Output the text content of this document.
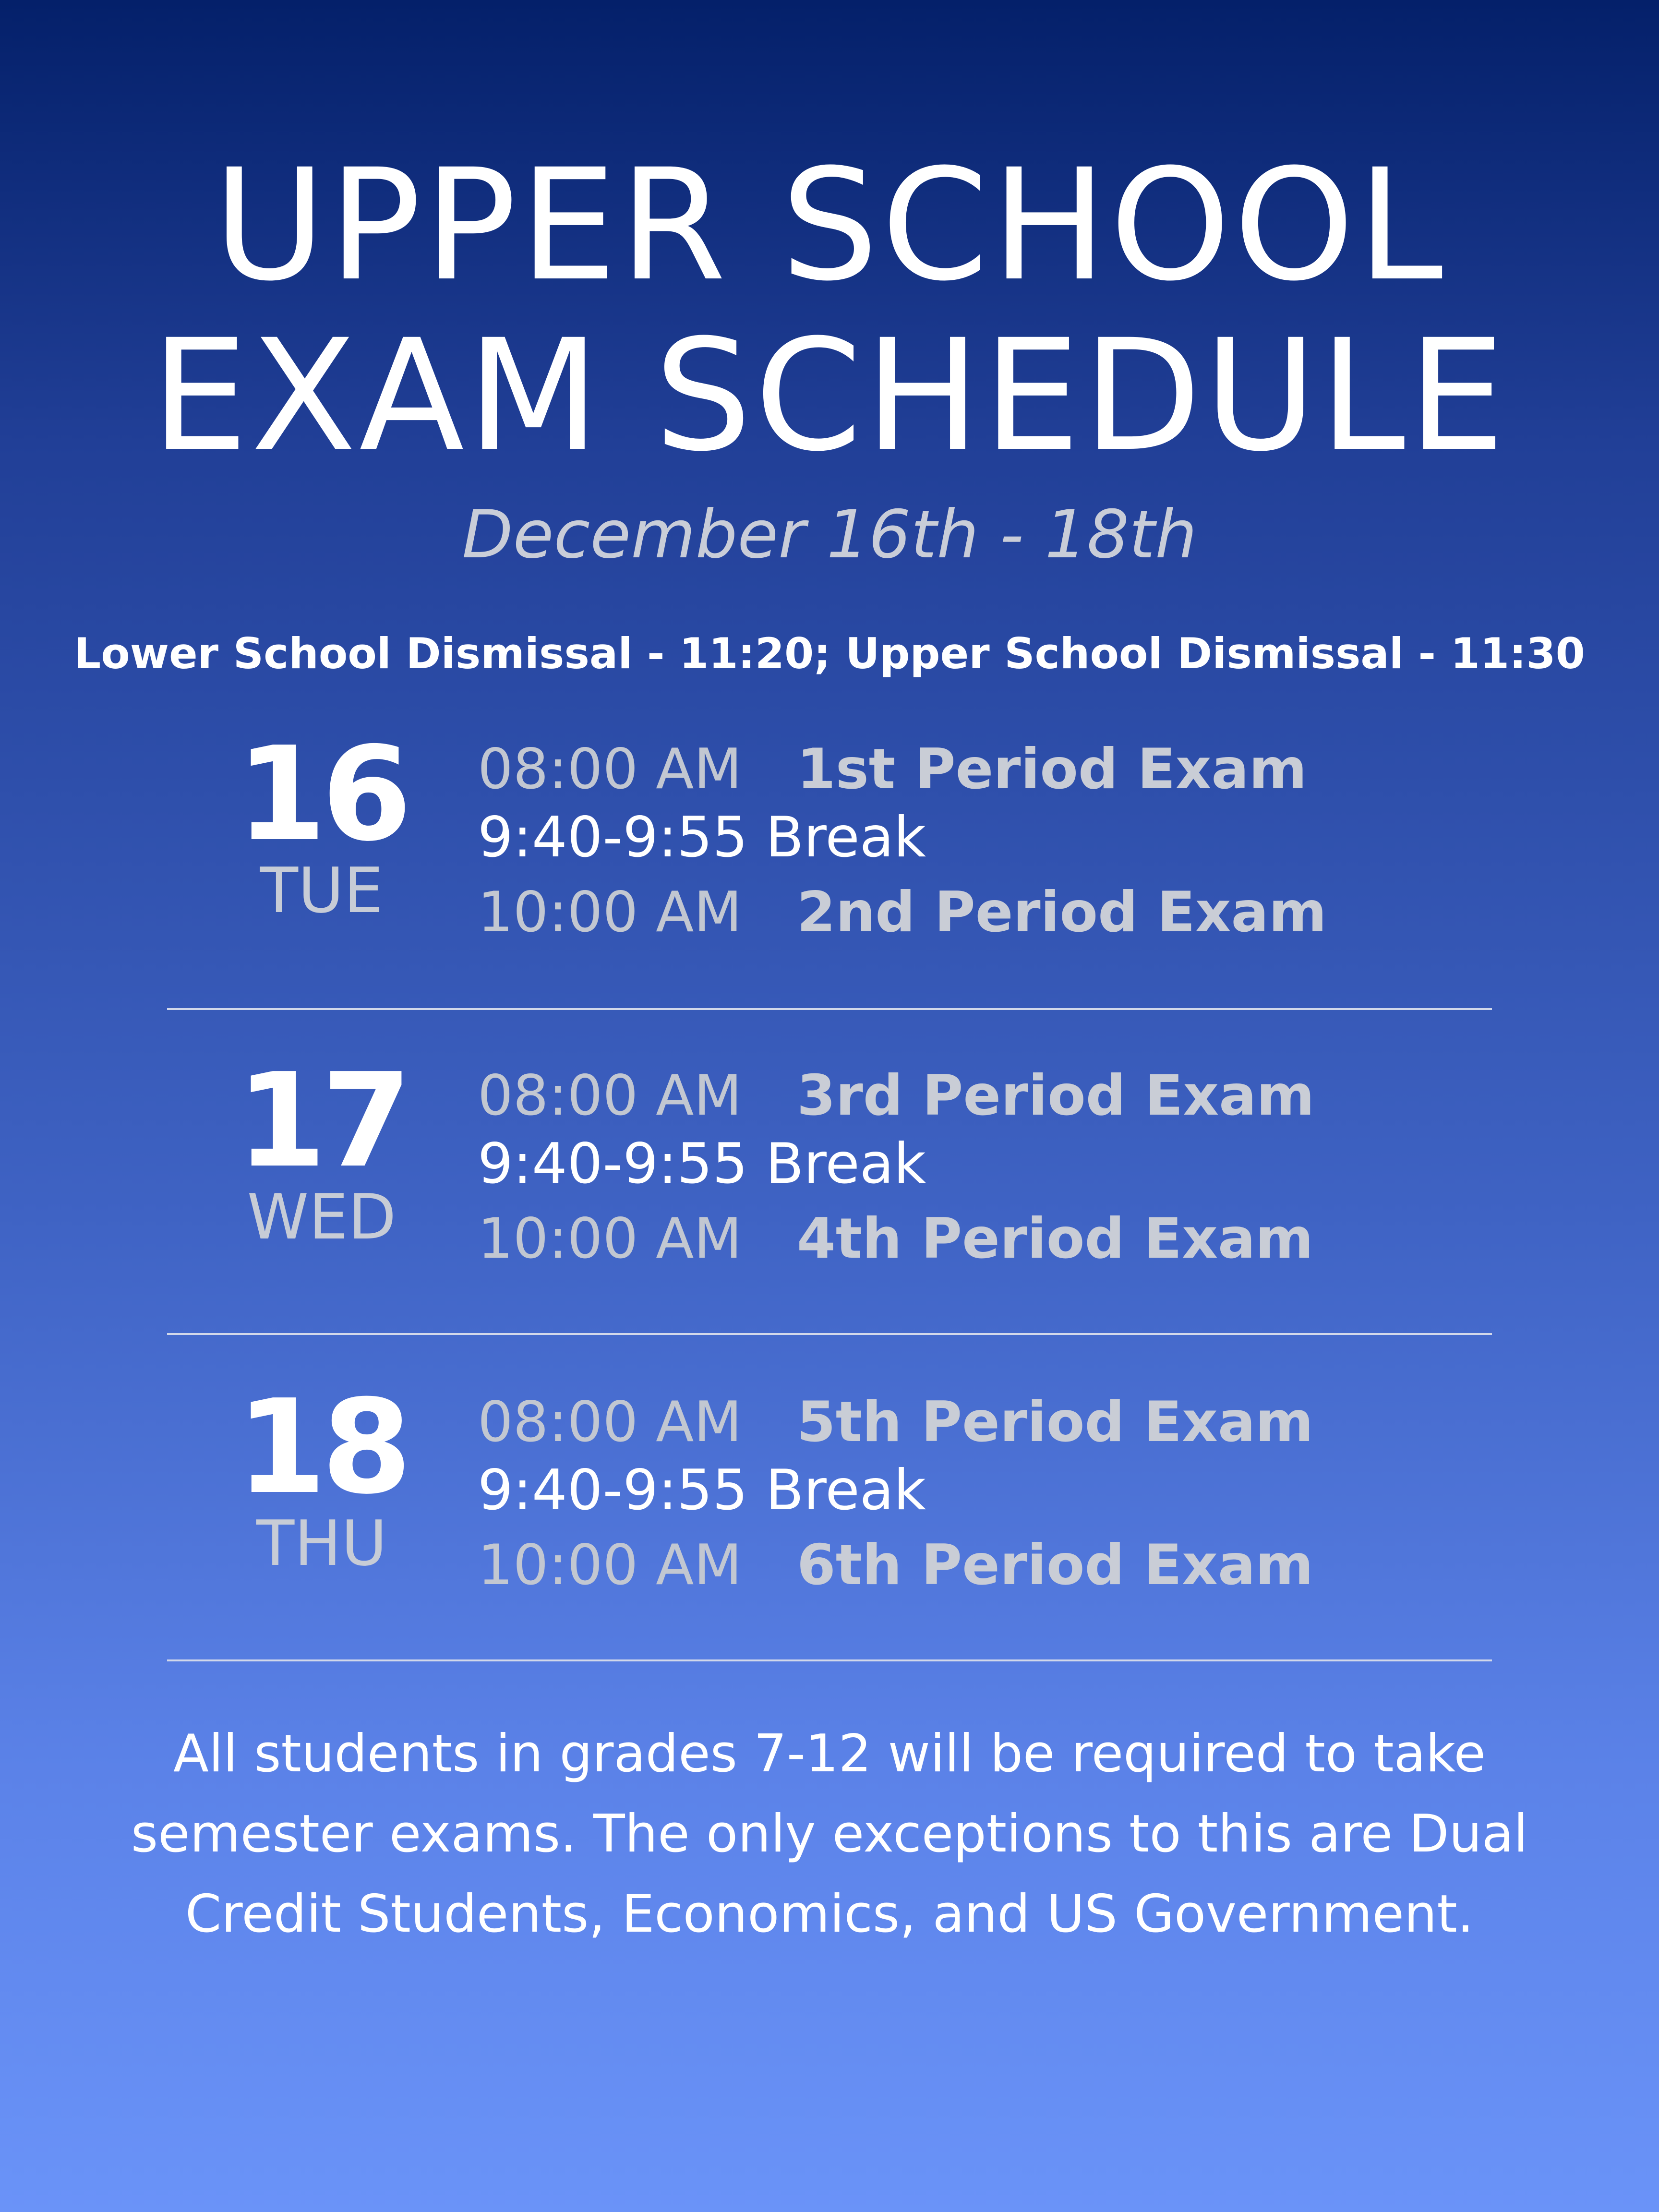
UPPER SCHOOL
EXAM SCHEDULE
December 16th - 18th
Lower School Dismissal - 11:20; Upper School Dismissal - 11:30
16
TUE
08:00 AM 1st Period Exam
9:40-9:55 Break
10:00 AM 2nd Period Exam
17
WED
08:00 AM 3rd Period Exam
9:40-9:55 Break
10:00 AM 4th Period Exam
18
THU
08:00 AM 5th Period Exam
9:40-9:55 Break
10:00 AM 6th Period Exam
All students in grades 7-12 will be required to take
semester exams. The only exceptions to this are Dual
Credit Students, Economics, and US Government.
